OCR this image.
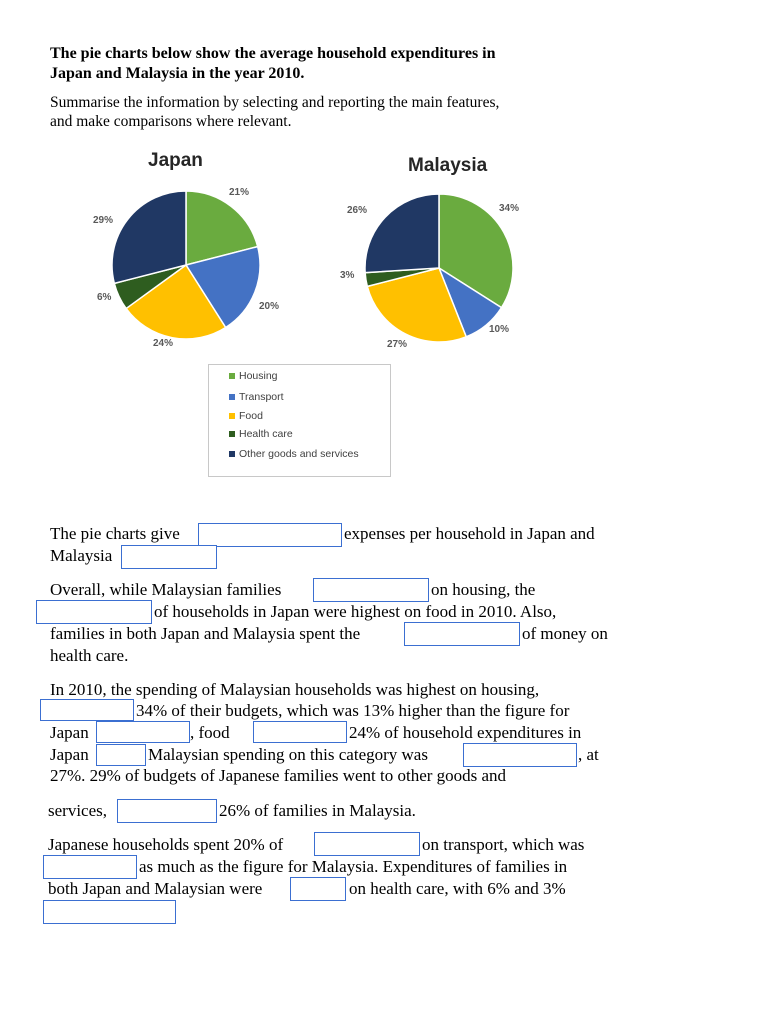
The pie charts below show the average household expenditures in
Japan and Malaysia in the year 2010.
Summarise the information by selecting and reporting the main features,
and make comparisons where relevant.
Japan	Malaysia
21%
20%
24%
6%
29%
34%
10%
27%
3%
26%
Housing
Transport
Food
Health care
Other goods and services
The pie charts give	expenses per household in Japan and
Malaysia
Overall, while Malaysian families	on housing, the
of households in Japan were highest on food in 2010. Also,
families in both Japan and Malaysia spent the	of money on
health care.
In 2010, the spending of Malaysian households was highest on housing,
34% of their budgets, which was 13% higher than the figure for
Japan	, food	24% of household expenditures in
Japan	Malaysian spending on this category was	, at
27%. 29% of budgets of Japanese families went to other goods and
services,	26% of families in Malaysia.
Japanese households spent 20% of	on transport, which was
as much as the figure for Malaysia. Expenditures of families in
both Japan and Malaysian were	on health care, with 6% and 3%
